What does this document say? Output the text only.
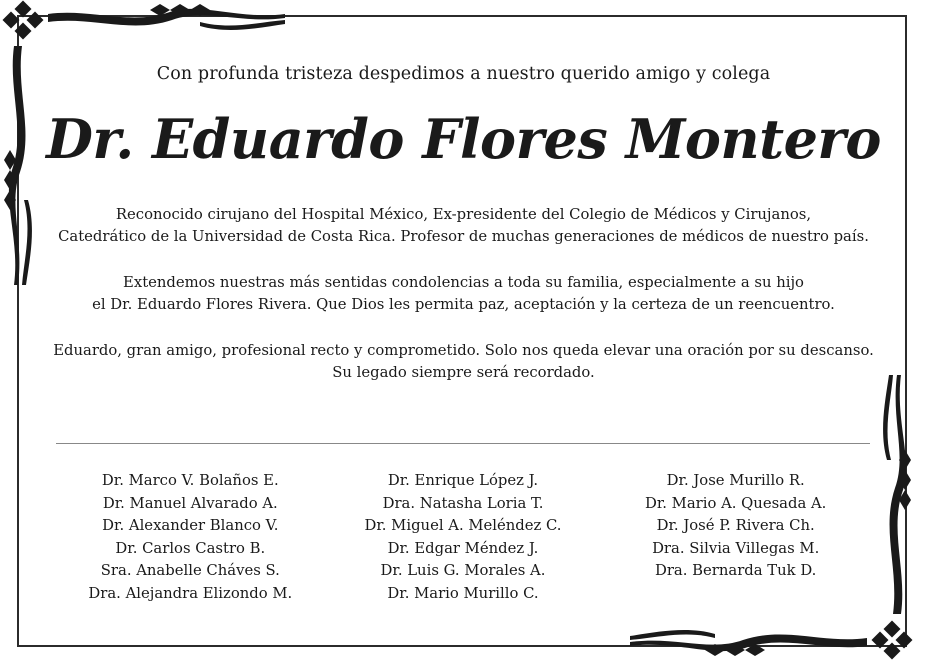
Con profunda tristeza despedimos a nuestro querido amigo y colega

Dr. Eduardo Flores Montero
Reconocido cirujano del Hospital México, Ex-presidente del Colegio de Médicos y Cirujanos,
Catedrático de la Universidad de Costa Rica. Profesor de muchas generaciones de médicos de nuestro país.
Extendemos nuestras más sentidas condolencias a toda su familia, especialmente a su hijo
el Dr. Eduardo Flores Rivera. Que Dios les permita paz, aceptación y la certeza de un reencuentro.
Eduardo, gran amigo, profesional recto y comprometido. Solo nos queda elevar una oración por su descanso.
Su legado siempre será recordado.
Dr. Marco V. Bolaños E.
Dr. Manuel Alvarado A.
Dr. Alexander Blanco V.
Dr. Carlos Castro B.
Sra. Anabelle Cháves S.
Dra. Alejandra Elizondo M.
Dr. Enrique López J.
Dra. Natasha Loria T.
Dr. Miguel A. Meléndez C.
Dr. Edgar Méndez J.
Dr. Luis G. Morales A.
Dr. Mario Murillo C.
Dr. Jose Murillo R.
Dr. Mario A. Quesada A.
Dr. José P. Rivera Ch.
Dra. Silvia Villegas M.
Dra. Bernarda Tuk D.
